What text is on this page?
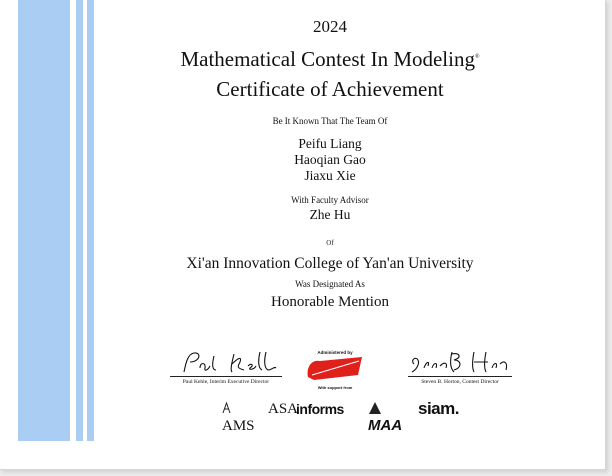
2024
Mathematical Contest In Modeling®
Certificate of Achievement
Be It Known That The Team Of
Peifu Liang
Haoqian Gao
Jiaxu Xie
With Faculty Advisor
Zhe Hu
Of
Xi'an Innovation College of Yan'an University
Was Designated As
Honorable Mention
Paul Kehle, Interim Executive Director
Administered by
With support from
Steven B. Horton, Contest Director
AMS
ASA
informs
MAA
siam.
